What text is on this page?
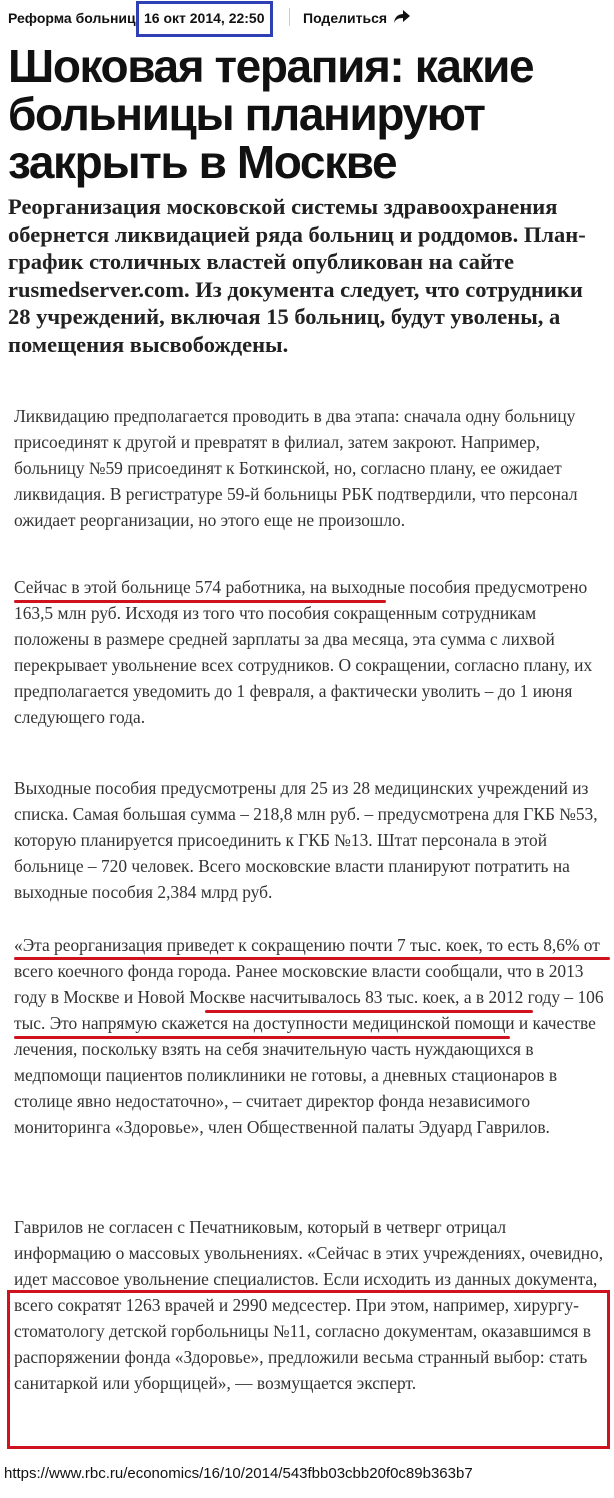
Реформа больниц 16 окт 2014, 22:50	Поделиться
Шоковая терапия: какие больницы планируют закрыть в Москве

Реорганизация московской системы здравоохранения обернется ликвидацией ряда больниц и роддомов. План-график столичных властей опубликован на сайте rusmedserver.com. Из документа следует, что сотрудники 28 учреждений, включая 15 больниц, будут уволены, а помещения высвобождены.

Ликвидацию предполагается проводить в два этапа: сначала одну больницу присоединят к другой и превратят в филиал, затем закроют. Например, больницу №59 присоединят к Боткинской, но, согласно плану, ее ожидает ликвидация. В регистратуре 59-й больницы РБК подтвердили, что персонал ожидает реорганизации, но этого еще не произошло.

Сейчас в этой больнице 574 работника, на выходные пособия предусмотрено 163,5 млн руб. Исходя из того что пособия сокращенным сотрудникам положены в размере средней зарплаты за два месяца, эта сумма с лихвой перекрывает увольнение всех сотрудников. О сокращении, согласно плану, их предполагается уведомить до 1 февраля, а фактически уволить – до 1 июня следующего года.

Выходные пособия предусмотрены для 25 из 28 медицинских учреждений из списка. Самая большая сумма – 218,8 млн руб. – предусмотрена для ГКБ №53, которую планируется присоединить к ГКБ №13. Штат персонала в этой больнице – 720 человек. Всего московские власти планируют потратить на выходные пособия 2,384 млрд руб.

«Эта реорганизация приведет к сокращению почти 7 тыс. коек, то есть 8,6% от всего коечного фонда города. Ранее московские власти сообщали, что в 2013 году в Москве и Новой Москве насчитывалось 83 тыс. коек, а в 2012 году – 106 тыс. Это напрямую скажется на доступности медицинской помощи и качестве лечения, поскольку взять на себя значительную часть нуждающихся в медпомощи пациентов поликлиники не готовы, а дневных стационаров в столице явно недостаточно», – считает директор фонда независимого мониторинга «Здоровье», член Общественной палаты Эдуард Гаврилов.

Гаврилов не согласен с Печатниковым, который в четверг отрицал информацию о массовых увольнениях. «Сейчас в этих учреждениях, очевидно, идет массовое увольнение специалистов. Если исходить из данных документа, всего сократят 1263 врачей и 2990 медсестер. При этом, например, хирургу-стоматологу детской горбольницы №11, согласно документам, оказавшимся в распоряжении фонда «Здоровье», предложили весьма странный выбор: стать санитаркой или уборщицей», — возмущается эксперт.

https://www.rbc.ru/economics/16/10/2014/543fbb03cbb20f0c89b363b7
